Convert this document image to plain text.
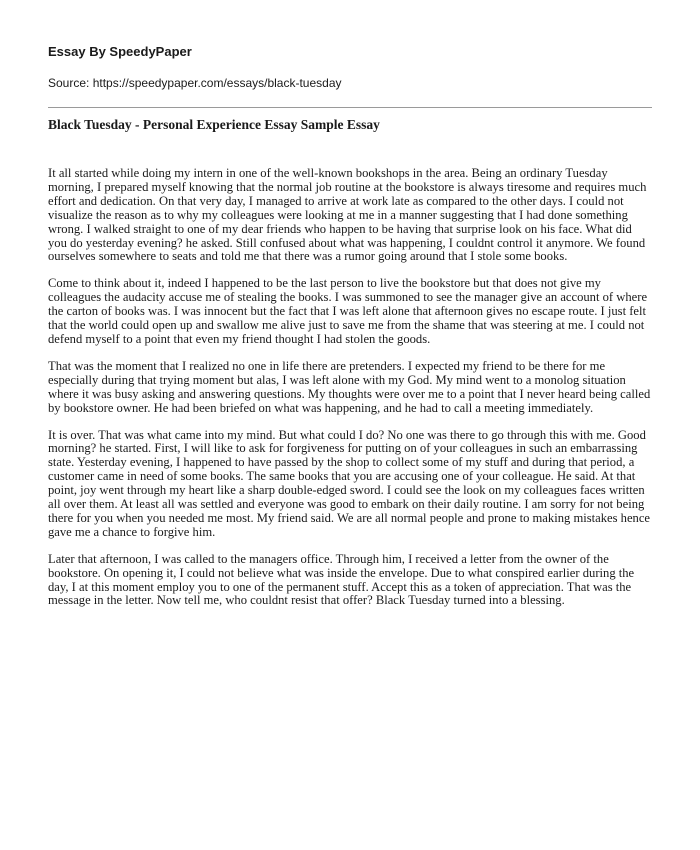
Essay By SpeedyPaper
Source: https://speedypaper.com/essays/black-tuesday
Black Tuesday - Personal Experience Essay Sample Essay

It all started while doing my intern in one of the well-known bookshops in the area. Being an ordinary Tuesday morning, I prepared myself knowing that the normal job routine at the bookstore is always tiresome and requires much effort and dedication. On that very day, I managed to arrive at work late as compared to the other days. I could not visualize the reason as to why my colleagues were looking at me in a manner suggesting that I had done something wrong. I walked straight to one of my dear friends who happen to be having that surprise look on his face. What did you do yesterday evening? he asked. Still confused about what was happening, I couldnt control it anymore. We found ourselves somewhere to seats and told me that there was a rumor going around that I stole some books.

Come to think about it, indeed I happened to be the last person to live the bookstore but that does not give my colleagues the audacity accuse me of stealing the books. I was summoned to see the manager give an account of where the carton of books was. I was innocent but the fact that I was left alone that afternoon gives no escape route. I just felt that the world could open up and swallow me alive just to save me from the shame that was steering at me. I could not defend myself to a point that even my friend thought I had stolen the goods.

That was the moment that I realized no one in life there are pretenders. I expected my friend to be there for me especially during that trying moment but alas, I was left alone with my God. My mind went to a monolog situation where it was busy asking and answering questions. My thoughts were over me to a point that I never heard being called by bookstore owner. He had been briefed on what was happening, and he had to call a meeting immediately.

It is over. That was what came into my mind. But what could I do? No one was there to go through this with me. Good morning? he started. First, I will like to ask for forgiveness for putting on of your colleagues in such an embarrassing state. Yesterday evening, I happened to have passed by the shop to collect some of my stuff and during that period, a customer came in need of some books. The same books that you are accusing one of your colleague. He said. At that point, joy went through my heart like a sharp double-edged sword. I could see the look on my colleagues faces written all over them. At least all was settled and everyone was good to embark on their daily routine. I am sorry for not being there for you when you needed me most. My friend said. We are all normal people and prone to making mistakes hence gave me a chance to forgive him.

Later that afternoon, I was called to the managers office. Through him, I received a letter from the owner of the bookstore. On opening it, I could not believe what was inside the envelope. Due to what conspired earlier during the day, I at this moment employ you to one of the permanent stuff. Accept this as a token of appreciation. That was the message in the letter. Now tell me, who couldnt resist that offer? Black Tuesday turned into a blessing.
